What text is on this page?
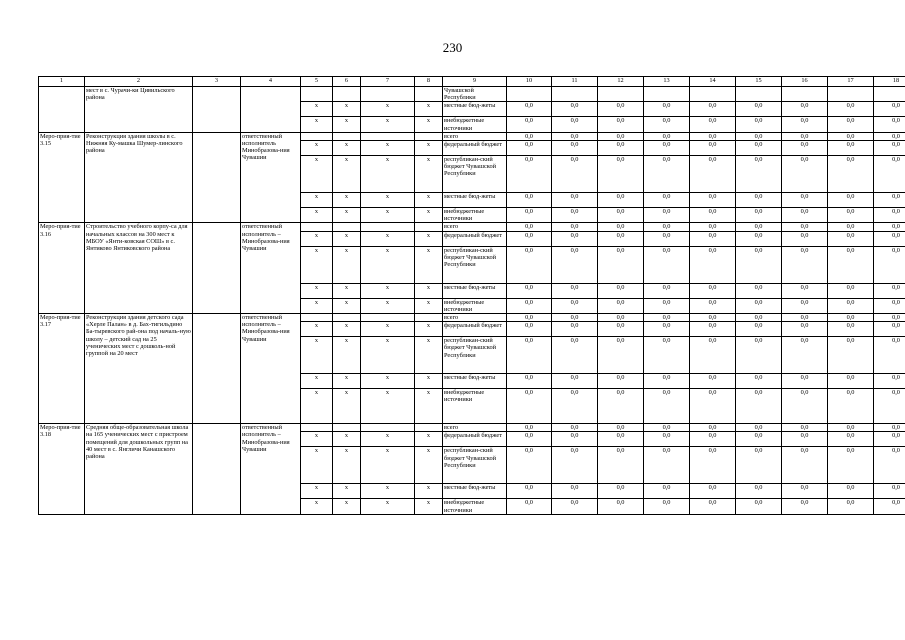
230
1	2	3	4	5	6	7	8	9	10	11	12	13	14	15	16	17	18
	мест в с. Чурачи-ки Цивильского района							Чувашской Республики									
				x	x	x	x	местные бюд-жеты	0,0	0,0	0,0	0,0	0,0	0,0	0,0	0,0	0,0
				x	x	x	x	внебюджетные источники	0,0	0,0	0,0	0,0	0,0	0,0	0,0	0,0	0,0
Меро-прия-тие 3.15	Реконструкция здания школы в с. Нижняя Ку-машка Шумер-линского района		ответственный исполнитель Минобразова-ния Чувашии					всего	0,0	0,0	0,0	0,0	0,0	0,0	0,0	0,0	0,0
				x	x	x	x	федеральный бюджет	0,0	0,0	0,0	0,0	0,0	0,0	0,0	0,0	0,0
				x	x	x	x	республикан-ский бюджет Чувашской Республики	0,0	0,0	0,0	0,0	0,0	0,0	0,0	0,0	0,0
				x	x	x	x	местные бюд-жеты	0,0	0,0	0,0	0,0	0,0	0,0	0,0	0,0	0,0
				x	x	x	x	внебюджетные источники	0,0	0,0	0,0	0,0	0,0	0,0	0,0	0,0	0,0
Меро-прия-тие 3.16	Строительство учебного корпу-са для начальных классов на 300 мест к МБОУ «Янти-ковская СОШ» в с. Янтиково Янтиковского района		ответственный исполнитель – Минобразова-ния Чувашии					всего	0,0	0,0	0,0	0,0	0,0	0,0	0,0	0,0	0,0
				x	x	x	x	федеральный бюджет	0,0	0,0	0,0	0,0	0,0	0,0	0,0	0,0	0,0
				x	x	x	x	республикан-ский бюджет Чувашской Республики	0,0	0,0	0,0	0,0	0,0	0,0	0,0	0,0	0,0
				x	x	x	x	местные бюд-жеты	0,0	0,0	0,0	0,0	0,0	0,0	0,0	0,0	0,0
				x	x	x	x	внебюджетные источники	0,0	0,0	0,0	0,0	0,0	0,0	0,0	0,0	0,0
Меро-прия-тие 3.17	Реконструкция здания детского сада «Херле Палан» в д. Бах-тигильдино Ба-тыревского рай-она под началь-ную школу – детский сад на 25 ученических мест с дошколь-ной группой на 20 мест		ответственный исполнитель – Минобразова-ния Чувашии					всего	0,0	0,0	0,0	0,0	0,0	0,0	0,0	0,0	0,0
				x	x	x	x	федеральный бюджет	0,0	0,0	0,0	0,0	0,0	0,0	0,0	0,0	0,0
				x	x	x	x	республикан-ский бюджет Чувашской Республики	0,0	0,0	0,0	0,0	0,0	0,0	0,0	0,0	0,0
				x	x	x	x	местные бюд-жеты	0,0	0,0	0,0	0,0	0,0	0,0	0,0	0,0	0,0
				x	x	x	x	внебюджетные источники	0,0	0,0	0,0	0,0	0,0	0,0	0,0	0,0	0,0
Меро-прия-тие 3.18	Средняя обще-образовательная школа на 165 ученических мест с пристроем помещений для дошкольных групп на 40 мест в с. Янгличи Канашского района		ответственный исполнитель – Минобразова-ния Чувашии					всего	0,0	0,0	0,0	0,0	0,0	0,0	0,0	0,0	0,0
				x	x	x	x	федеральный бюджет	0,0	0,0	0,0	0,0	0,0	0,0	0,0	0,0	0,0
				x	x	x	x	республикан-ский бюджет Чувашской Республики	0,0	0,0	0,0	0,0	0,0	0,0	0,0	0,0	0,0
				x	x	x	x	местные бюд-жеты	0,0	0,0	0,0	0,0	0,0	0,0	0,0	0,0	0,0
				x	x	x	x	внебюджетные источники	0,0	0,0	0,0	0,0	0,0	0,0	0,0	0,0	0,0
